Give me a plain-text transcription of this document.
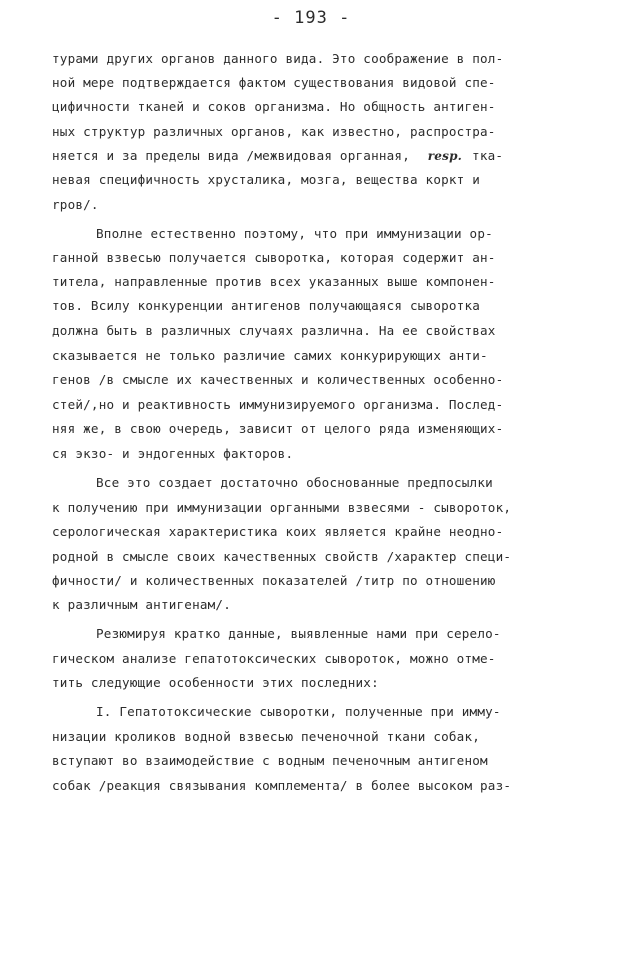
- 193 -
турами других органов данного вида. Это соображение в пол-
ной мере подтверждается фактом существования видовой спе-
цифичности тканей и соков организма. Но общность антиген-
ных структур различных органов, как известно, распростра-
няется и за пределы вида /межвидовая органная, resp. тка-
невая специфичность хрусталика, мозга, вещества коркт и
rров/.
Вполне естественно поэтому, что при иммунизации ор-
ганной взвесью получается сыворотка, которая содержит ан-
титела, направленные против всех указанных выше компонен-
тов. Всилу конкуренции антигенов получающаяся сыворотка
должна быть в различных случаях различна. На ее свойствах
сказывается не только различие самих конкурирующих анти-
генов /в смысле их качественных и количественных особенно-
стей/,но и реактивность иммунизируемого организма. Послед-
няя же, в свою очередь, зависит от целого ряда изменяющих-
ся экзо- и эндогенных факторов.
Все это создает достаточно обоснованные предпосылки
к получению при иммунизации органными взвесями - сывороток,
серологическая характеристика коих является крайне неодно-
родной в смысле своих качественных свойств /характер специ-
фичности/ и количественных показателей /титр по отношению
к различным антигенам/.
Резюмируя кратко данные, выявленные нами при серело-
гическом анализе гепатотоксических сывороток, можно отме-
тить следующие особенности этих последних:
I. Гепатотоксические сыворотки, полученные при имму-
низации кроликов водной взвесью печеночной ткани собак,
вступают во взаимодействие с водным печеночным антигеном
собак /реакция связывания комплемента/ в более высоком раз-
